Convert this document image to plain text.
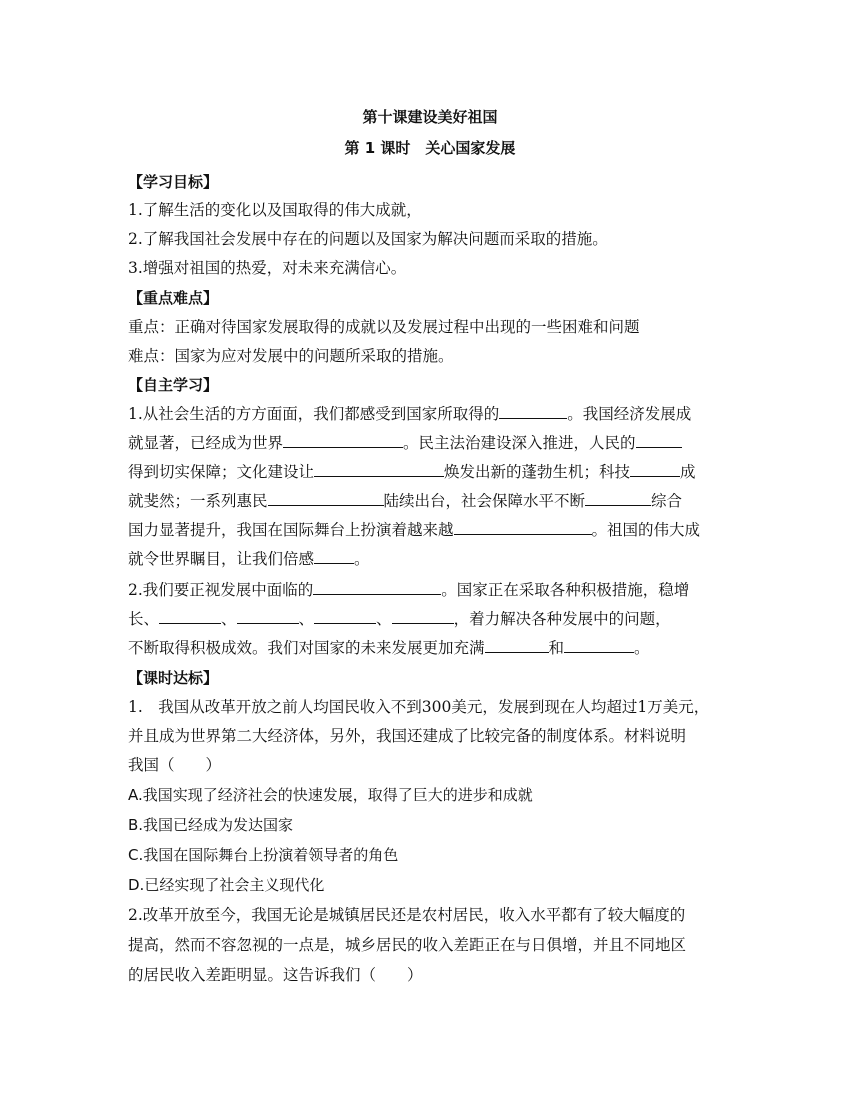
第十课建设美好祖国
第 1 课时　关心国家发展
【学习目标】
1.了解生活的变化以及国取得的伟大成就，
2.了解我国社会发展中存在的问题以及国家为解决问题而采取的措施。
3.增强对祖国的热爱，对未来充满信心。
【重点难点】
重点：正确对待国家发展取得的成就以及发展过程中出现的一些困难和问题
难点：国家为应对发展中的问题所采取的措施。
【自主学习】
1.从社会生活的方方面面，我们都感受到国家所取得的	。我国经济发展成
就显著，已经成为世界	。民主法治建设深入推进，人民的
得到切实保障；文化建设让	焕发出新的蓬勃生机；科技	成
就斐然；一系列惠民	陆续出台，社会保障水平不断	综合
国力显著提升，我国在国际舞台上扮演着越来越	。祖国的伟大成
就令世界瞩目，让我们倍感	。
2.我们要正视发展中面临的	。国家正在采取各种积极措施，稳增
长、	、	、	、	，着力解决各种发展中的问题，
不断取得积极成效。我们对国家的未来发展更加充满	和	。
【课时达标】
1.　我国从改革开放之前人均国民收入不到300美元，发展到现在人均超过1万美元，
并且成为世界第二大经济体，另外，我国还建成了比较完备的制度体系。材料说明
我国（　　）
A.我国实现了经济社会的快速发展，取得了巨大的进步和成就
B.我国已经成为发达国家
C.我国在国际舞台上扮演着领导者的角色
D.已经实现了社会主义现代化
2.改革开放至今，我国无论是城镇居民还是农村居民，收入水平都有了较大幅度的
提高，然而不容忽视的一点是，城乡居民的收入差距正在与日俱增，并且不同地区
的居民收入差距明显。这告诉我们（　　）
